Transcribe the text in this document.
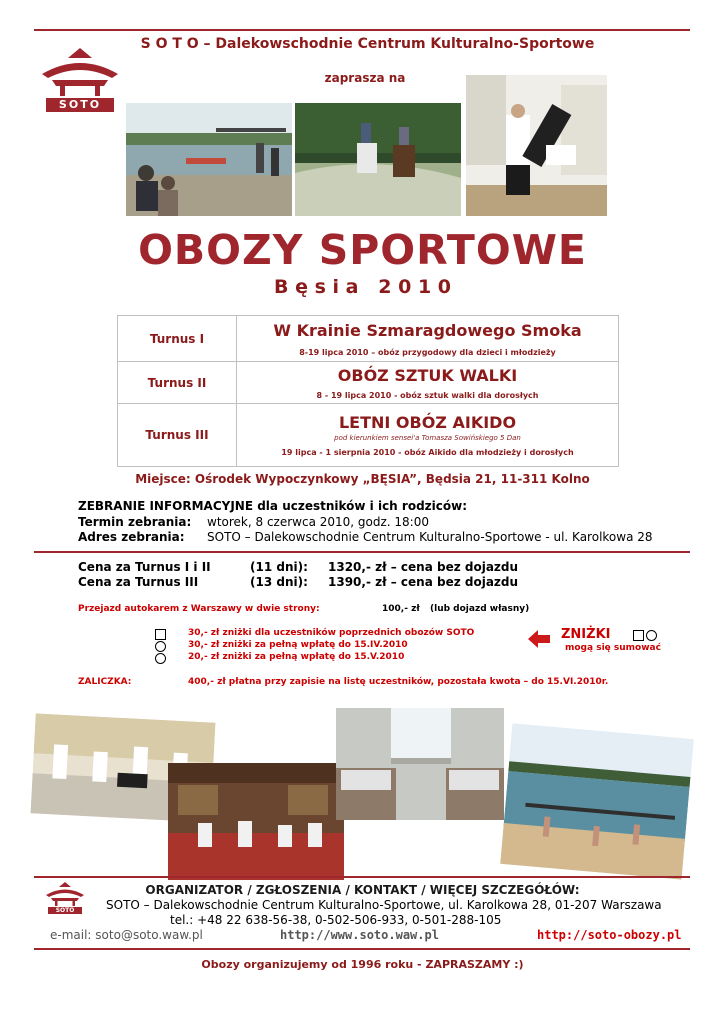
SOTO
S O T O – Dalekowschodnie Centrum Kulturalno-Sportowe
zaprasza na
OBOZY SPORTOWE
B ę s i a   2 0 1 0
Turnus I	W Krainie Szmaragdowego Smoka
8-19 lipca 2010 – obóz przygodowy dla dzieci i młodzieży

Turnus II	OBÓZ SZTUK WALKI
8 - 19 lipca 2010 - obóz sztuk walki dla dorosłych

Turnus III	LETNI OBÓZ AIKIDO
pod kierunkiem sensei'a Tomasza Sowińskiego 5 Dan
19 lipca - 1 sierpnia 2010 - obóz Aikido dla młodzieży i dorosłych
Miejsce: Ośrodek Wypoczynkowy „BĘSIA”, Będsia 21, 11-311 Kolno
ZEBRANIE INFORMACYJNE dla uczestników i ich rodziców:
Termin zebrania: wtorek, 8 czerwca 2010, godz. 18:00
Adres zebrania: SOTO – Dalekowschodnie Centrum Kulturalno-Sportowe - ul. Karolkowa 28
Cena za Turnus I i II	(11 dni): 1320,- zł – cena bez dojazdu
Cena za Turnus III	(13 dni): 1390,- zł – cena bez dojazdu
Przejazd autokarem z Warszawy w dwie strony:	100,- zł (lub dojazd własny)
30,- zł zniżki dla uczestników poprzednich obozów SOTO
30,- zł zniżki za pełną wpłatę do 15.IV.2010
20,- zł zniżki za pełną wpłatę do 15.V.2010
ZNIŻKI
mogą się sumować
ZALICZKA:	400,- zł płatna przy zapisie na listę uczestników, pozostała kwota – do 15.VI.2010r.
SOTO
ORGANIZATOR / ZGŁOSZENIA / KONTAKT / WIĘCEJ SZCZEGÓŁÓW:
SOTO – Dalekowschodnie Centrum Kulturalno-Sportowe, ul. Karolkowa 28, 01-207 Warszawa
tel.: +48 22 638-56-38, 0-502-506-933, 0-501-288-105
e-mail: soto@soto.waw.pl	http://www.soto.waw.pl	http://soto-obozy.pl
Obozy organizujemy od 1996 roku - ZAPRASZAMY :)
